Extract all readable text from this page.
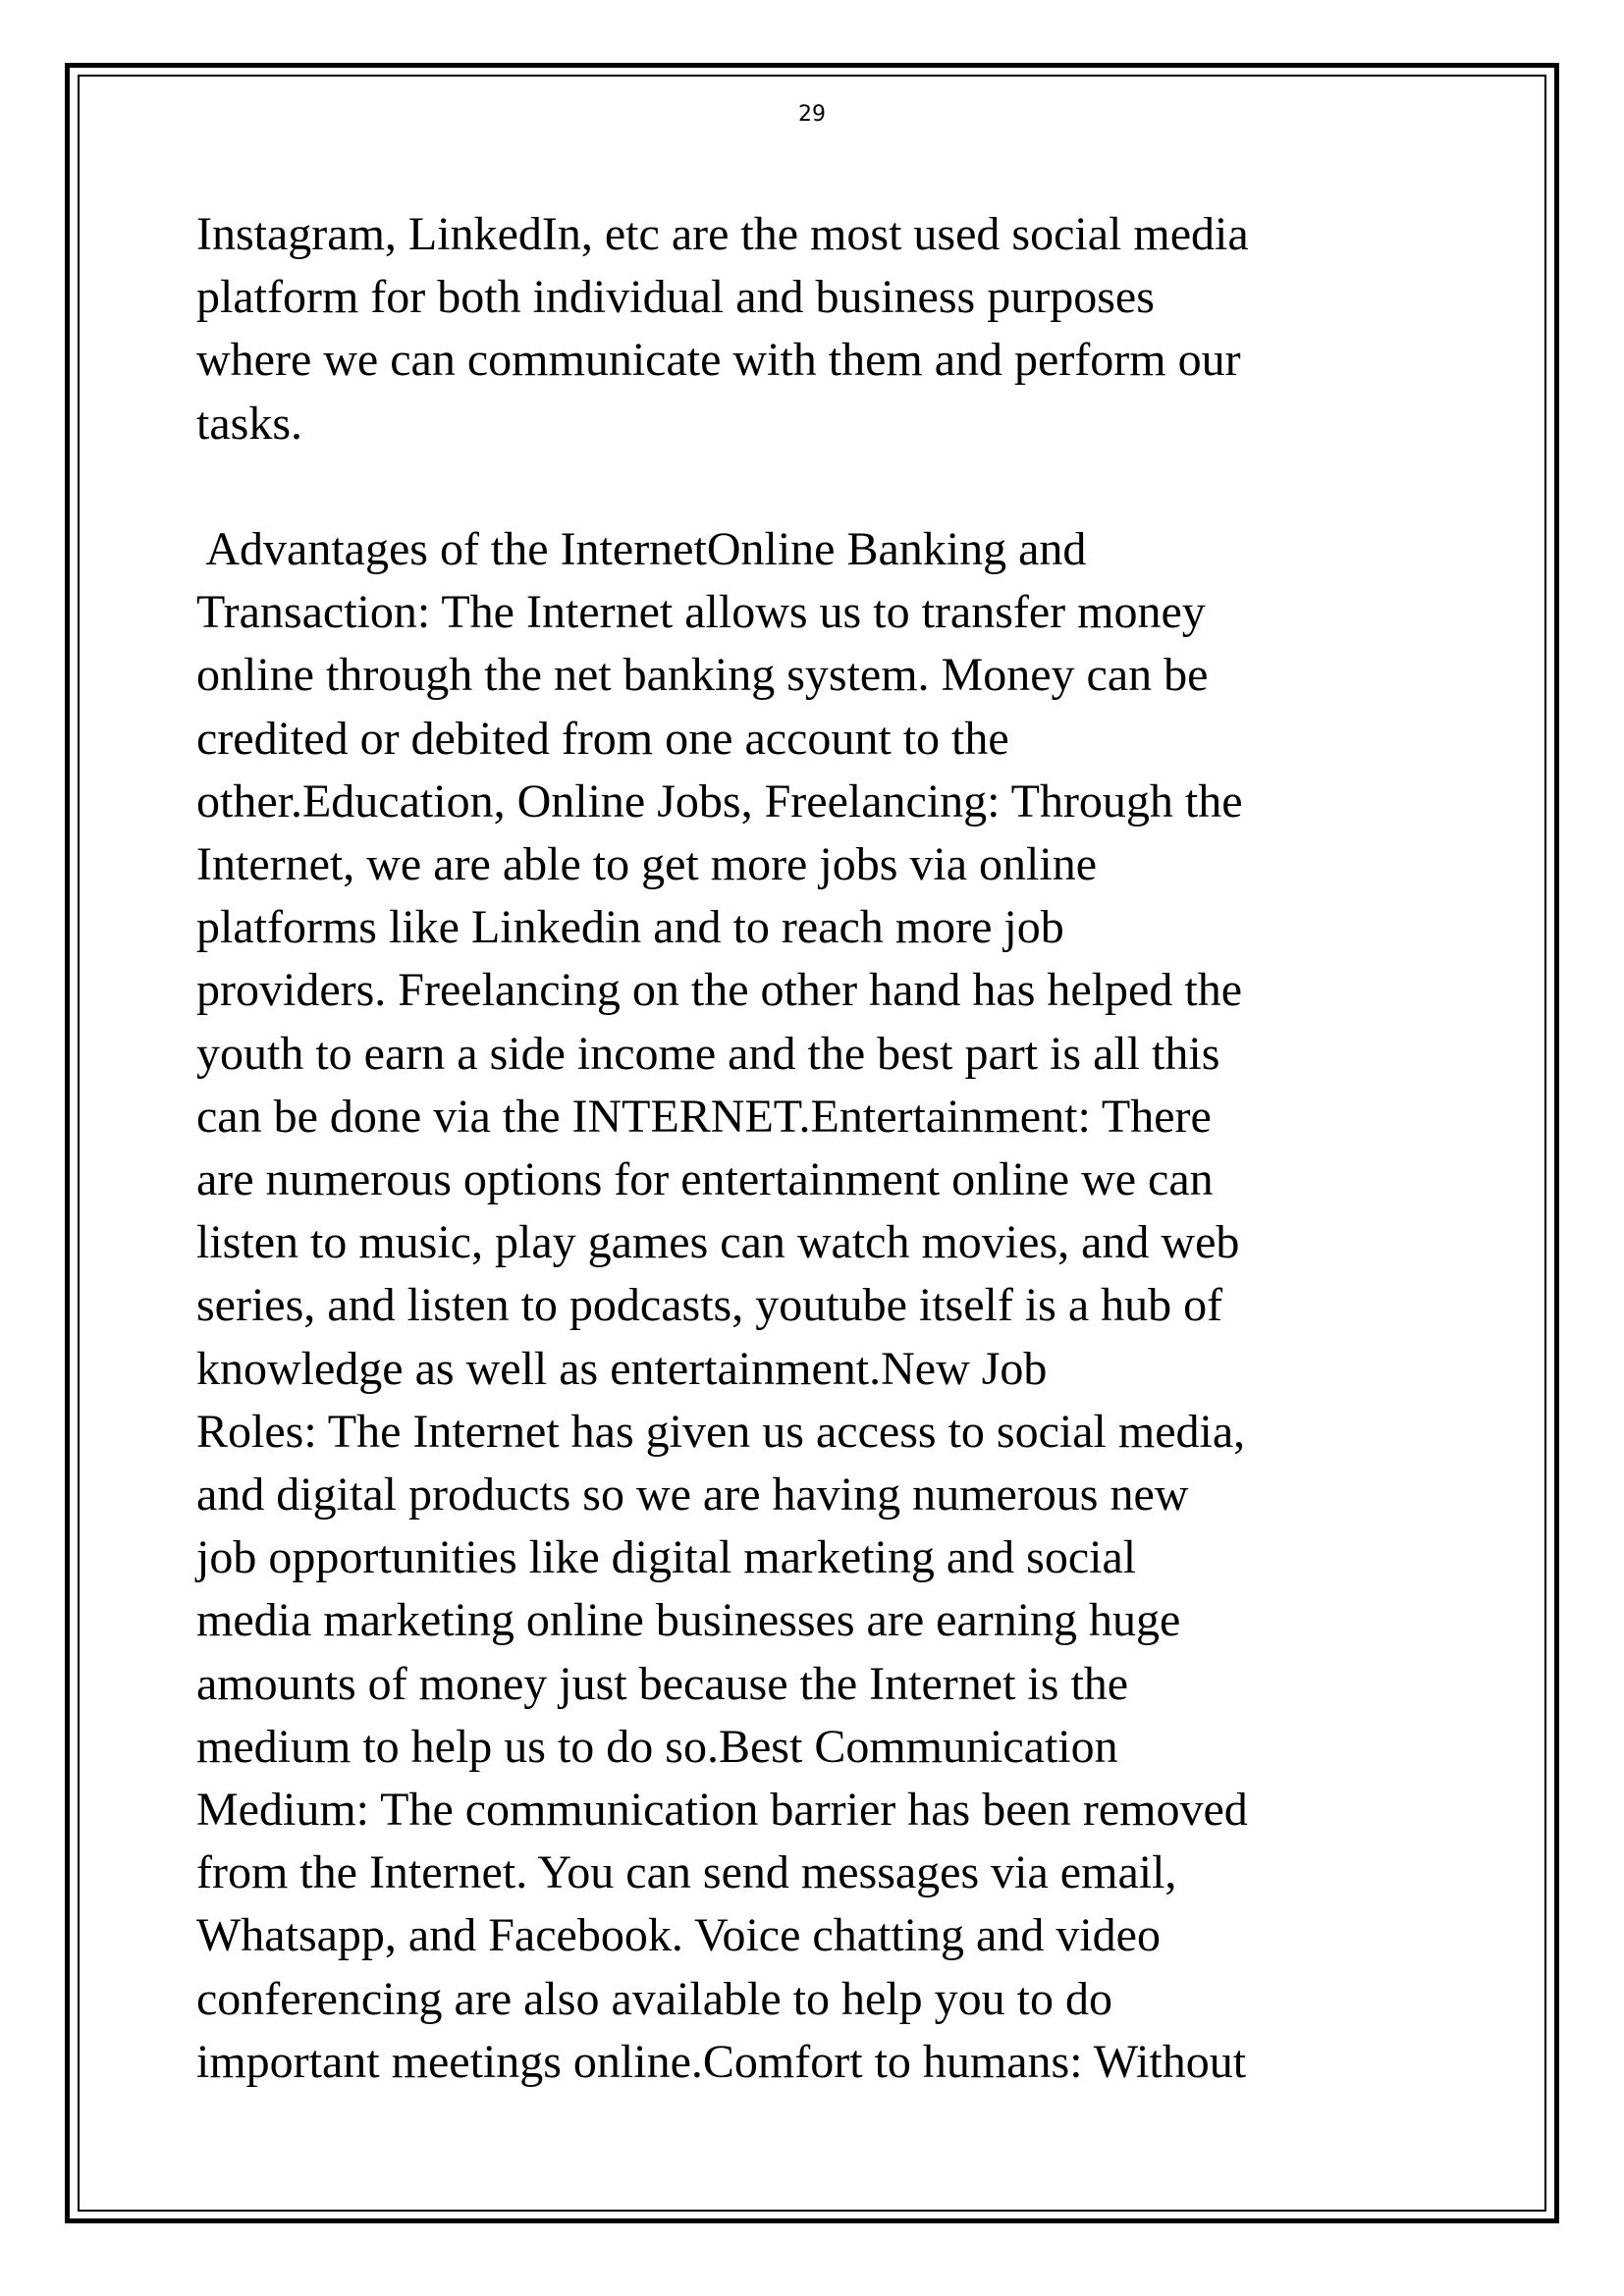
29
Instagram, LinkedIn, etc are the most used social media
platform for both individual and business purposes
where we can communicate with them and perform our
tasks.
Advantages of the InternetOnline Banking and
Transaction: The Internet allows us to transfer money
online through the net banking system. Money can be
credited or debited from one account to the
other.Education, Online Jobs, Freelancing: Through the
Internet, we are able to get more jobs via online
platforms like Linkedin and to reach more job
providers. Freelancing on the other hand has helped the
youth to earn a side income and the best part is all this
can be done via the INTERNET.Entertainment: There
are numerous options for entertainment online we can
listen to music, play games can watch movies, and web
series, and listen to podcasts, youtube itself is a hub of
knowledge as well as entertainment.New Job
Roles: The Internet has given us access to social media,
and digital products so we are having numerous new
job opportunities like digital marketing and social
media marketing online businesses are earning huge
amounts of money just because the Internet is the
medium to help us to do so.Best Communication
Medium: The communication barrier has been removed
from the Internet. You can send messages via email,
Whatsapp, and Facebook. Voice chatting and video
conferencing are also available to help you to do
important meetings online.Comfort to humans: Without
